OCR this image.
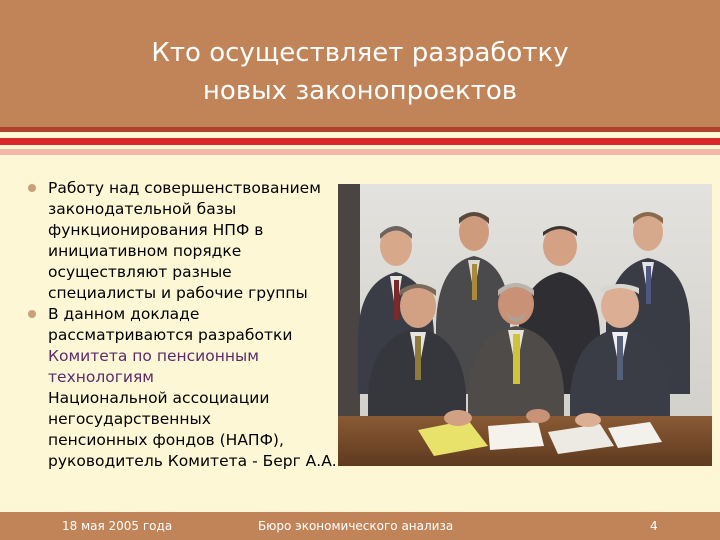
Кто осуществляет разработку
новых законопроектов
Работу над совершенствованием
законодательной базы
функционирования НПФ в
инициативном порядке
осуществляют разные
специалисты и рабочие группы
В данном докладе
рассматриваются разработки
Комитета по пенсионным
технологиям
Национальной ассоциации
негосударственных
пенсионных фондов (НАПФ),
руководитель Комитета - Берг А.А.
18 мая 2005 года	Бюро экономического анализа	4
